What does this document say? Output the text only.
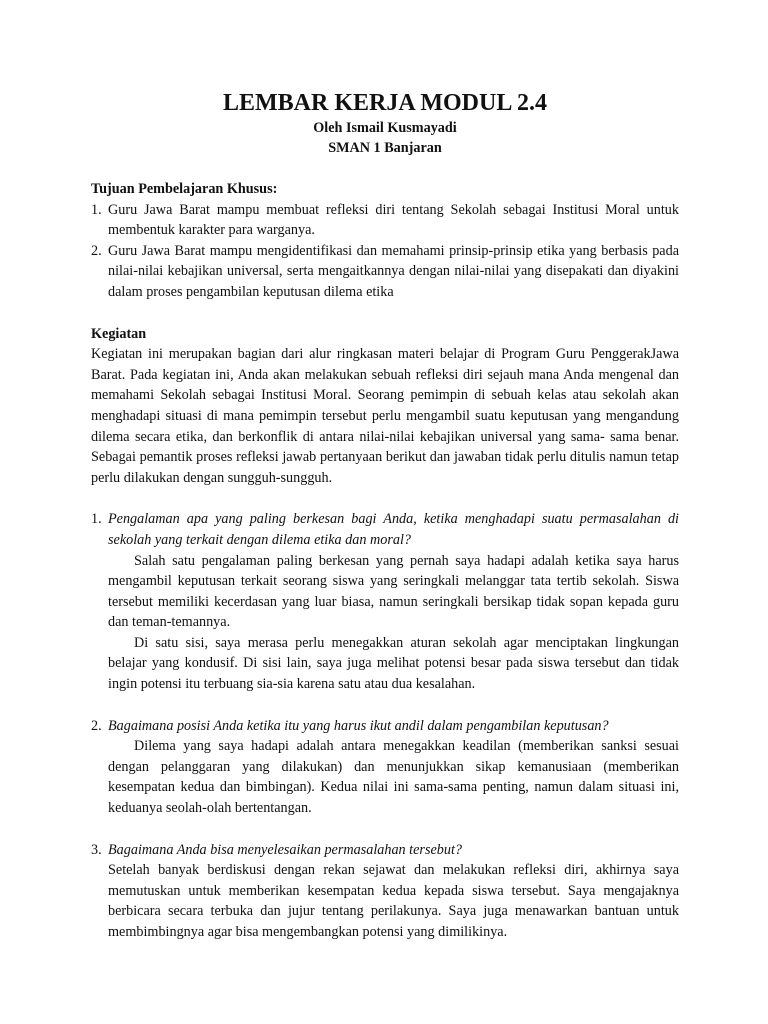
LEMBAR KERJA MODUL 2.4

Oleh Ismail Kusmayadi

SMAN 1 Banjaran

Tujuan Pembelajaran Khusus:

1. Guru Jawa Barat mampu membuat refleksi diri tentang Sekolah sebagai Institusi Moral untuk membentuk karakter para warganya.
2. Guru Jawa Barat mampu mengidentifikasi dan memahami prinsip-prinsip etika yang berbasis pada nilai-nilai kebajikan universal, serta mengaitkannya dengan nilai-nilai yang disepakati dan diyakini dalam proses pengambilan keputusan dilema etika

Kegiatan

Kegiatan ini merupakan bagian dari alur ringkasan materi belajar di Program Guru PenggerakJawa Barat. Pada kegiatan ini, Anda akan melakukan sebuah refleksi diri sejauh mana Anda mengenal dan memahami Sekolah sebagai Institusi Moral. Seorang pemimpin di sebuah kelas atau sekolah akan menghadapi situasi di mana pemimpin tersebut perlu mengambil suatu keputusan yang mengandung dilema secara etika, dan berkonflik di antara nilai-nilai kebajikan universal yang sama- sama benar. Sebagai pemantik proses refleksi jawab pertanyaan berikut dan jawaban tidak perlu ditulis namun tetap perlu dilakukan dengan sungguh-sungguh.

1. Pengalaman apa yang paling berkesan bagi Anda, ketika menghadapi suatu permasalahan di sekolah yang terkait dengan dilema etika dan moral?

Salah satu pengalaman paling berkesan yang pernah saya hadapi adalah ketika saya harus mengambil keputusan terkait seorang siswa yang seringkali melanggar tata tertib sekolah. Siswa tersebut memiliki kecerdasan yang luar biasa, namun seringkali bersikap tidak sopan kepada guru dan teman-temannya.

Di satu sisi, saya merasa perlu menegakkan aturan sekolah agar menciptakan lingkungan belajar yang kondusif. Di sisi lain, saya juga melihat potensi besar pada siswa tersebut dan tidak ingin potensi itu terbuang sia-sia karena satu atau dua kesalahan.

2. Bagaimana posisi Anda ketika itu yang harus ikut andil dalam pengambilan keputusan?

Dilema yang saya hadapi adalah antara menegakkan keadilan (memberikan sanksi sesuai dengan pelanggaran yang dilakukan) dan menunjukkan sikap kemanusiaan (memberikan kesempatan kedua dan bimbingan). Kedua nilai ini sama-sama penting, namun dalam situasi ini, keduanya seolah-olah bertentangan.

3. Bagaimana Anda bisa menyelesaikan permasalahan tersebut?

Setelah banyak berdiskusi dengan rekan sejawat dan melakukan refleksi diri, akhirnya saya memutuskan untuk memberikan kesempatan kedua kepada siswa tersebut. Saya mengajaknya berbicara secara terbuka dan jujur tentang perilakunya. Saya juga menawarkan bantuan untuk membimbingnya agar bisa mengembangkan potensi yang dimilikinya.
